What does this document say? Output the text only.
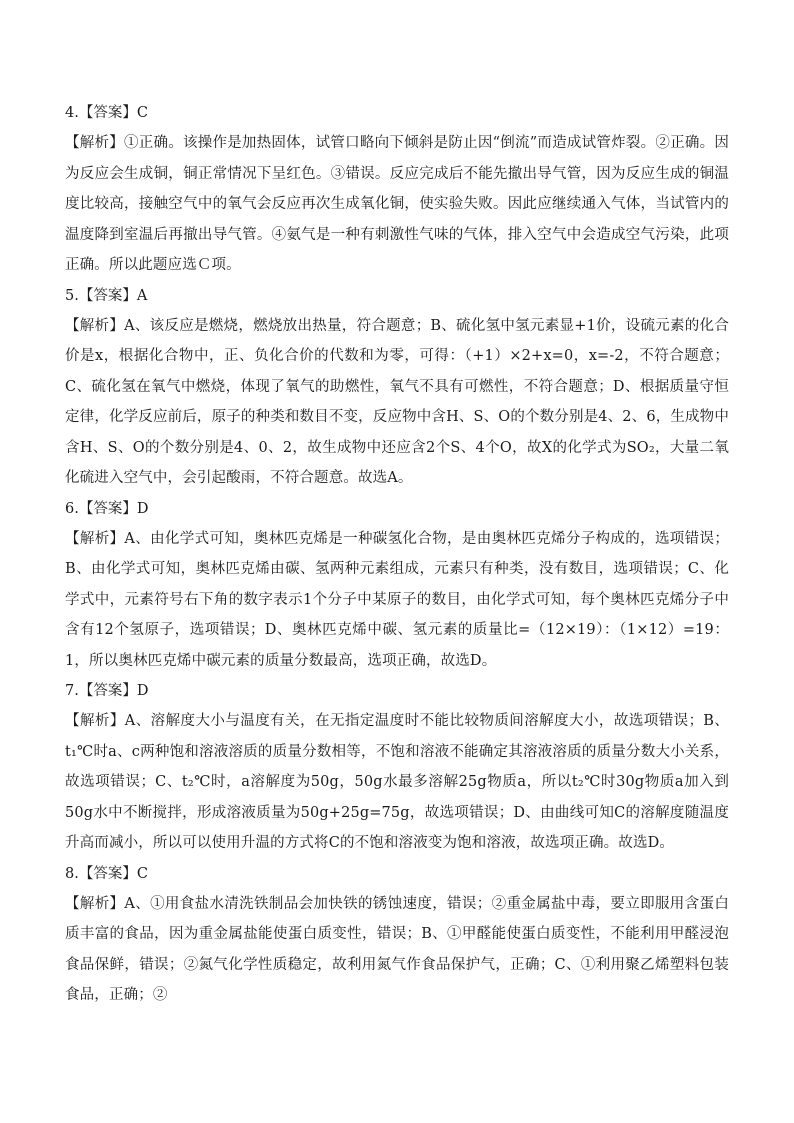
4.【答案】C

【解析】①正确。该操作是加热固体，试管口略向下倾斜是防止因“倒流”而造成试管炸裂。②正确。因为反应会生成铜，铜正常情况下呈红色。③错误。反应完成后不能先撤出导气管，因为反应生成的铜温度比较高，接触空气中的氧气会反应再次生成氧化铜，使实验失败。因此应继续通入气体，当试管内的温度降到室温后再撤出导气管。④氨气是一种有刺激性气味的气体，排入空气中会造成空气污染，此项正确。所以此题应选Ｃ项。

5.【答案】A

【解析】A、该反应是燃烧，燃烧放出热量，符合题意；B、硫化氢中氢元素显+1价，设硫元素的化合价是x，根据化合物中，正、负化合价的代数和为零，可得：（+1）×2+x=0，x=-2，不符合题意；C、硫化氢在氧气中燃烧，体现了氧气的助燃性，氧气不具有可燃性，不符合题意；D、根据质量守恒定律，化学反应前后，原子的种类和数目不变，反应物中含H、S、O的个数分别是4、2、6，生成物中含H、S、O的个数分别是4、0、2，故生成物中还应含2个S、4个O，故X的化学式为SO₂，大量二氧化硫进入空气中，会引起酸雨，不符合题意。故选A。

6.【答案】D

【解析】A、由化学式可知，奥林匹克烯是一种碳氢化合物，是由奥林匹克烯分子构成的，选项错误；B、由化学式可知，奥林匹克烯由碳、氢两种元素组成，元素只有种类，没有数目，选项错误；C、化学式中，元素符号右下角的数字表示1个分子中某原子的数目，由化学式可知，每个奥林匹克烯分子中含有12个氢原子，选项错误；D、奥林匹克烯中碳、氢元素的质量比=（12×19）：（1×12）=19：1，所以奥林匹克烯中碳元素的质量分数最高，选项正确，故选D。

7.【答案】D

【解析】A、溶解度大小与温度有关，在无指定温度时不能比较物质间溶解度大小，故选项错误；B、t₁℃时a、c两种饱和溶液溶质的质量分数相等，不饱和溶液不能确定其溶液溶质的质量分数大小关系，故选项错误；C、t₂℃时，a溶解度为50g，50g水最多溶解25g物质a，所以t₂℃时30g物质a加入到50g水中不断搅拌，形成溶液质量为50g+25g=75g，故选项错误；D、由曲线可知C的溶解度随温度升高而减小，所以可以使用升温的方式将C的不饱和溶液变为饱和溶液，故选项正确。故选D。

8.【答案】C

【解析】A、①用食盐水清洗铁制品会加快铁的锈蚀速度，错误；②重金属盐中毒，要立即服用含蛋白质丰富的食品，因为重金属盐能使蛋白质变性，错误；B、①甲醛能使蛋白质变性，不能利用甲醛浸泡食品保鲜，错误；②氮气化学性质稳定，故利用氮气作食品保护气，正确；C、①利用聚乙烯塑料包装食品，正确；②
